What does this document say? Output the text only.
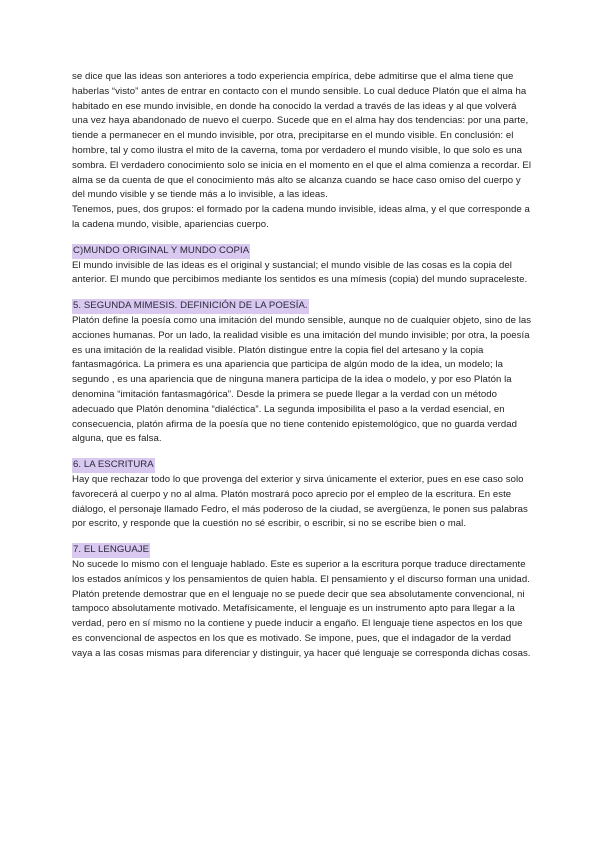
se dice que las ideas son anteriores a todo experiencia empírica, debe admitirse que el alma tiene que haberlas “visto” antes de entrar en contacto con el mundo sensible. Lo cual deduce Platón que el alma ha habitado en ese mundo invisible, en donde ha conocido la verdad a través de las ideas y al que volverá una vez haya abandonado de nuevo el cuerpo. Sucede que en el alma hay dos tendencias: por una parte, tiende a permanecer en el mundo invisible, por otra, precipitarse en el mundo visible. En conclusión: el hombre, tal y como ilustra el mito de la caverna, toma por verdadero el mundo visible, lo que solo es una sombra. El verdadero conocimiento solo se inicia en el momento en el que el alma comienza a recordar. El alma se da cuenta de que el conocimiento más alto se alcanza cuando se hace caso omiso del cuerpo y del mundo visible y se tiende más a lo invisible, a las ideas.

Tenemos, pues, dos grupos: el formado por la cadena mundo invisible, ideas alma, y el que corresponde a la cadena mundo, visible, apariencias cuerpo.

C)MUNDO ORIGINAL Y MUNDO COPIA

El mundo invisible de las ideas es el original y sustancial; el mundo visible de las cosas es la copia del anterior. El mundo que percibimos mediante los sentidos es una mímesis (copia) del mundo supraceleste.

5. SEGUNDA MIMESIS. DEFINICIÓN DE LA POESÍA.

Platón define la poesía como una imitación del mundo sensible, aunque no de cualquier objeto, sino de las acciones humanas. Por un lado, la realidad visible es una imitación del mundo invisible; por otra, la poesía es una imitación de la realidad visible. Platón distingue entre la copia fiel del artesano y la copia fantasmagórica. La primera es una apariencia que participa de algún modo de la idea, un modelo; la segundo , es una apariencia que de ninguna manera participa de la idea o modelo, y por eso Platón la denomina “imitación fantasmagórica”. Desde la primera se puede llegar a la verdad con un método adecuado que Platón denomina “dialéctica”. La segunda imposibilita el paso a la verdad esencial, en consecuencia, platón afirma de la poesía que no tiene contenido epistemológico, que no guarda verdad alguna, que es falsa.

6. LA ESCRITURA

Hay que rechazar todo lo que provenga del exterior y sirva únicamente el exterior, pues en ese caso solo favorecerá al cuerpo y no al alma. Platón mostrará poco aprecio por el empleo de la escritura. En este diálogo, el personaje llamado Fedro, el más poderoso de la ciudad, se avergüenza, le ponen sus palabras por escrito, y responde que la cuestión no sé escribir, o escribir, si no se escribe bien o mal.

7. EL LENGUAJE

No sucede lo mismo con el lenguaje hablado. Este es superior a la escritura porque traduce directamente los estados anímicos y los pensamientos de quien habla. El pensamiento y el discurso forman una unidad. Platón pretende demostrar que en el lenguaje no se puede decir que sea absolutamente convencional, ni tampoco absolutamente motivado. Metafísicamente, el lenguaje es un instrumento apto para llegar a la verdad, pero en sí mismo no la contiene y puede inducir a engaño. El lenguaje tiene aspectos en los que es convencional de aspectos en los que es motivado. Se impone, pues, que el indagador de la verdad vaya a las cosas mismas para diferenciar y distinguir, ya hacer qué lenguaje se corresponda dichas cosas.
